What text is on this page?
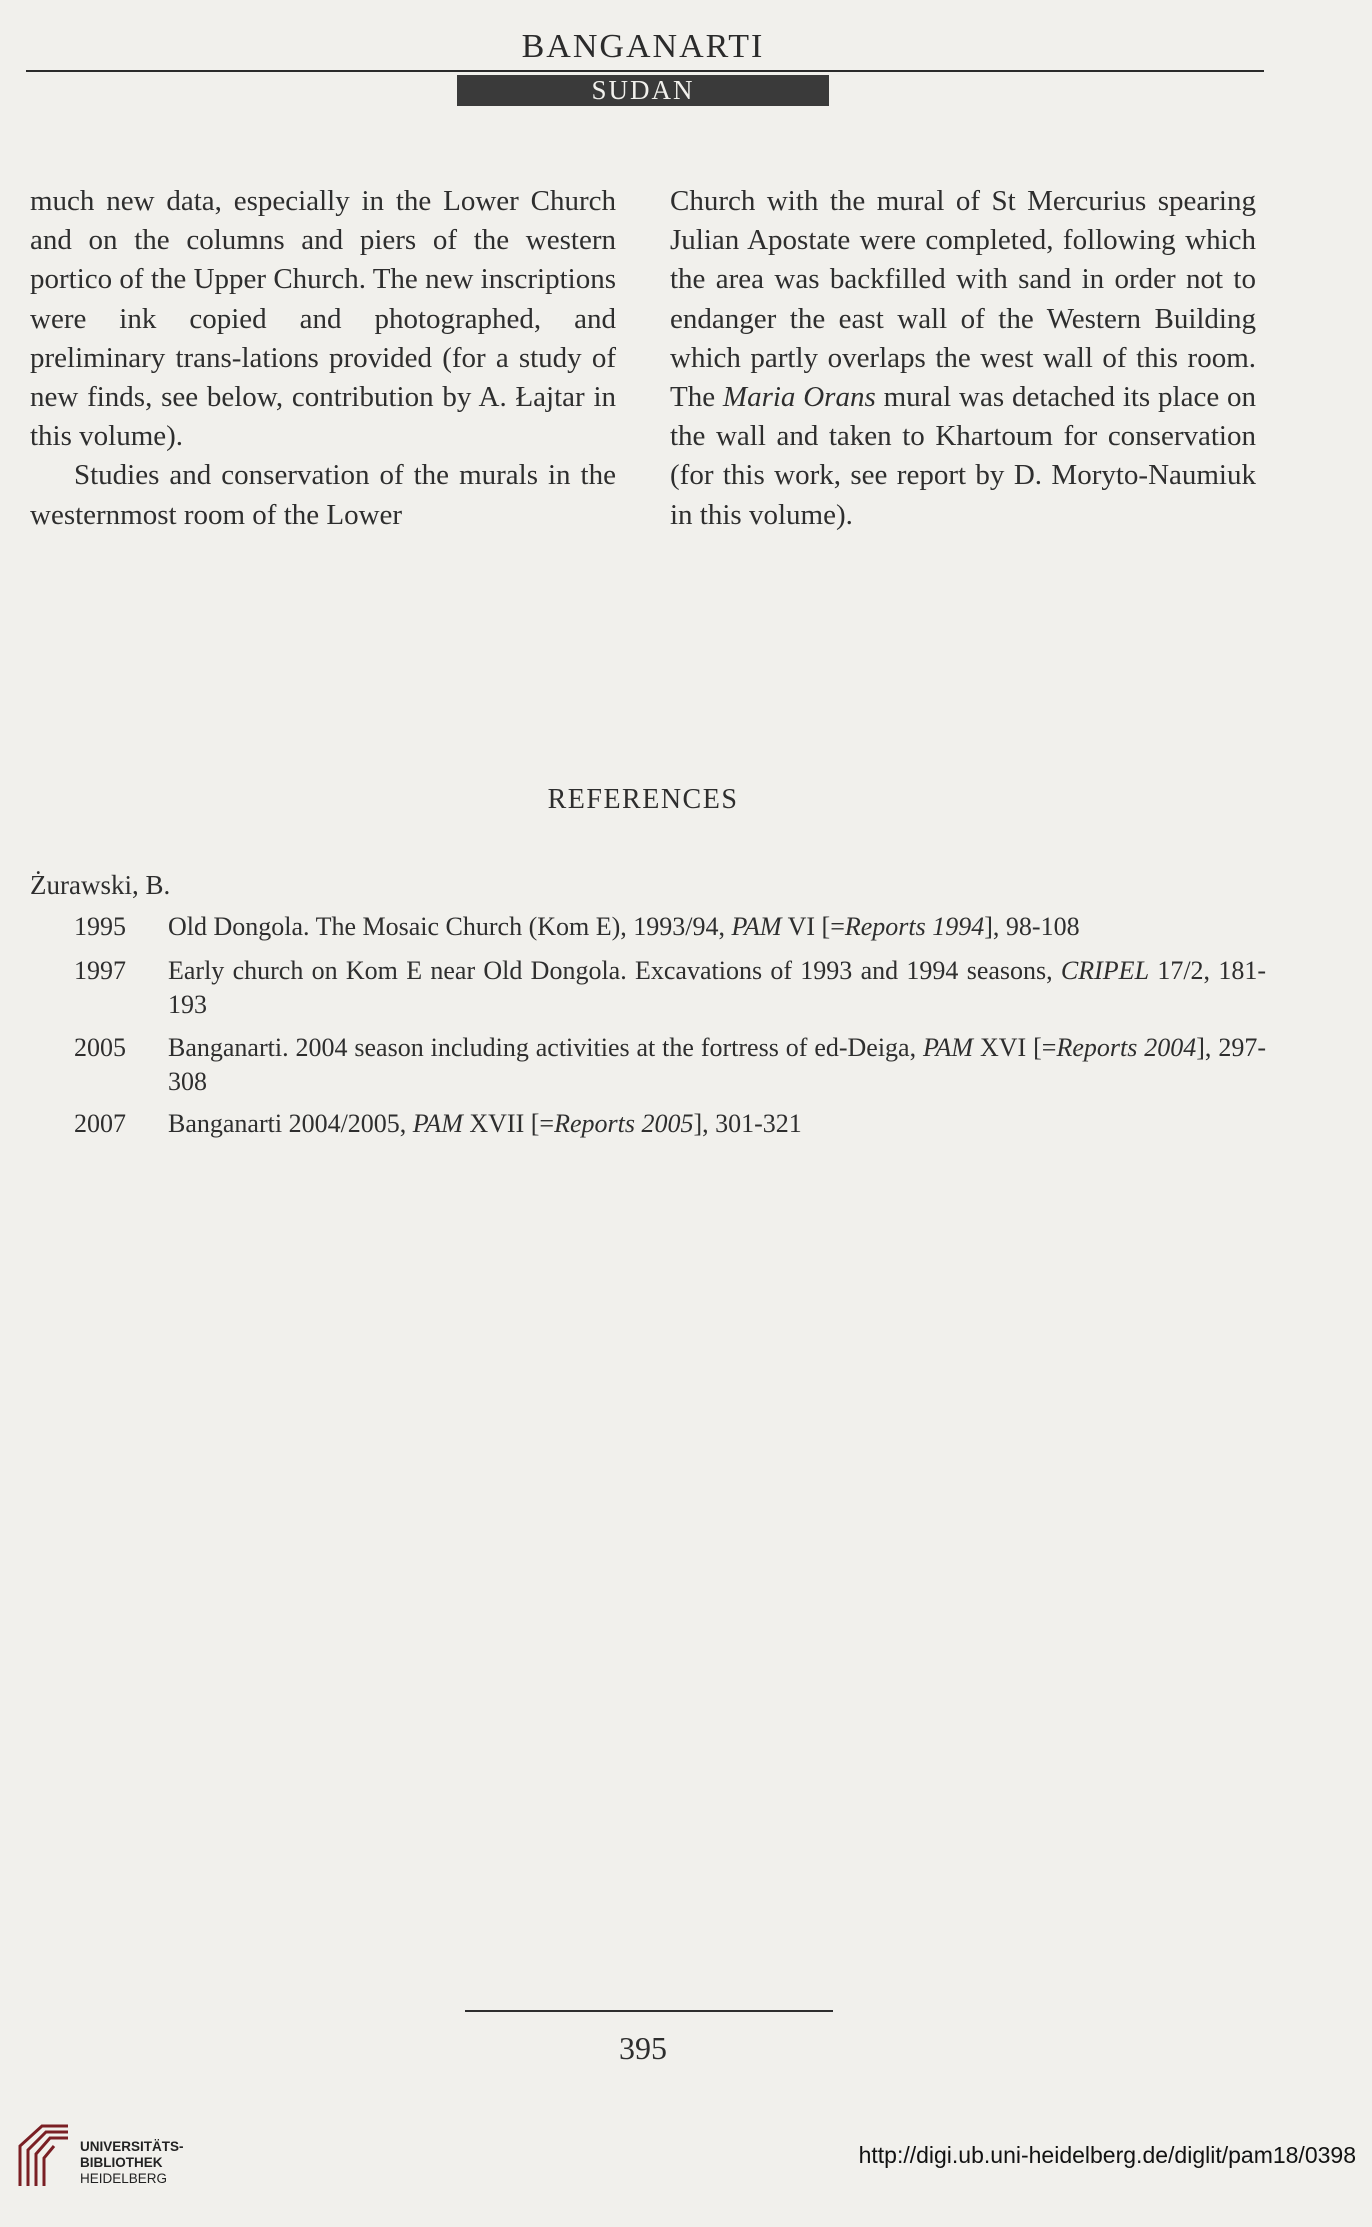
BANGANARTI
SUDAN

much new data, especially in the Lower Church and on the columns and piers of the western portico of the Upper Church. The new inscriptions were ink copied and photographed, and preliminary trans-lations provided (for a study of new finds, see below, contribution by A. Łajtar in this volume).

Studies and conservation of the murals in the westernmost room of the Lower

Church with the mural of St Mercurius spearing Julian Apostate were completed, following which the area was backfilled with sand in order not to endanger the east wall of the Western Building which partly overlaps the west wall of this room. The Maria Orans mural was detached its place on the wall and taken to Khartoum for conservation (for this work, see report by D. Moryto-Naumiuk in this volume).

REFERENCES
Żurawski, B.
1995 Old Dongola. The Mosaic Church (Kom E), 1993/94, PAM VI [=Reports 1994], 98-108
1997 Early church on Kom E near Old Dongola. Excavations of 1993 and 1994 seasons, CRIPEL 17/2, 181-193
2005 Banganarti. 2004 season including activities at the fortress of ed-Deiga, PAM XVI [=Reports 2004], 297-308
2007 Banganarti 2004/2005, PAM XVII [=Reports 2005], 301-321
395
UNIVERSITÄTS-
BIBLIOTHEK
HEIDELBERG
http://digi.ub.uni-heidelberg.de/diglit/pam18/0398
